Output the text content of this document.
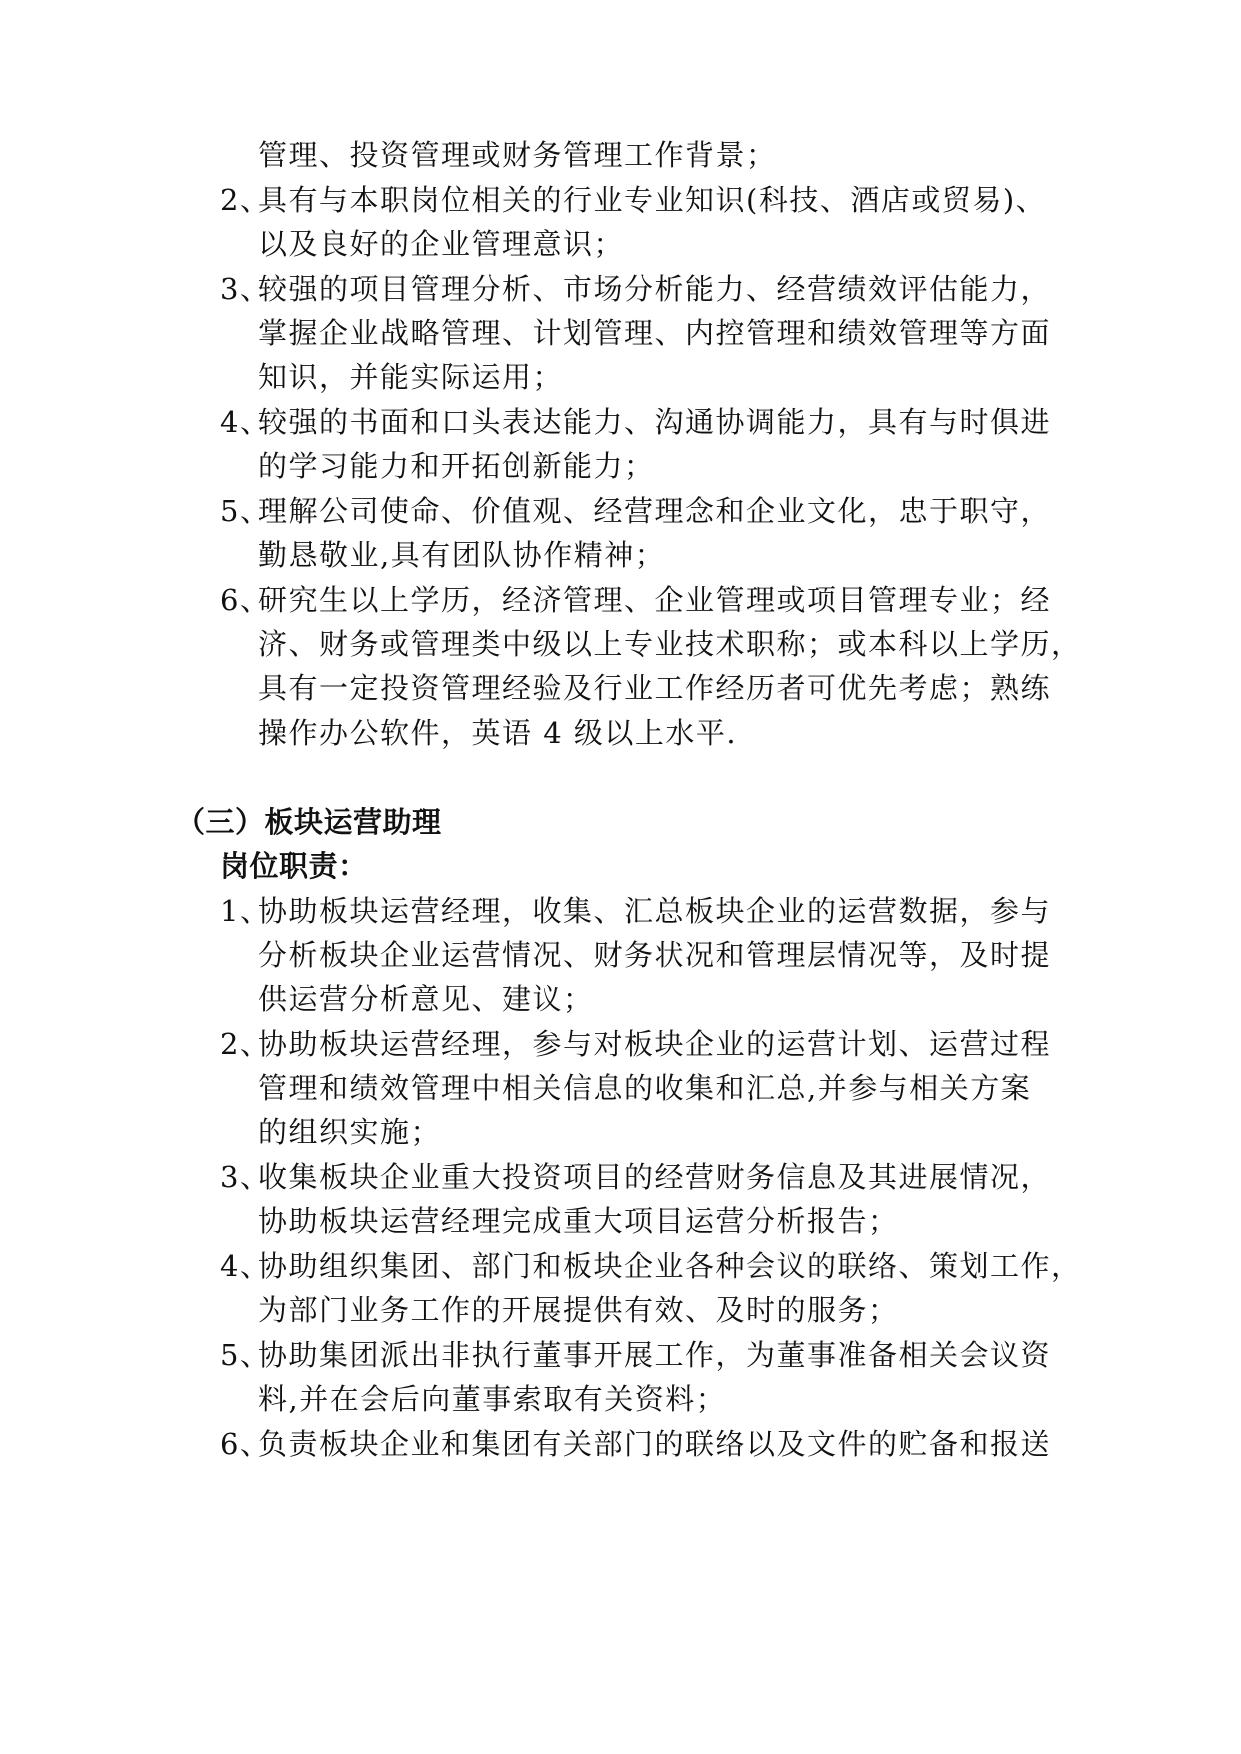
管理、投资管理或财务管理工作背景；
2、具有与本职岗位相关的行业专业知识(科技、酒店或贸易)、
以及良好的企业管理意识；
3、较强的项目管理分析、市场分析能力、经营绩效评估能力，
掌握企业战略管理、计划管理、内控管理和绩效管理等方面
知识，并能实际运用；
4、较强的书面和口头表达能力、沟通协调能力，具有与时俱进
的学习能力和开拓创新能力；
5、理解公司使命、价值观、经营理念和企业文化，忠于职守，
勤恳敬业,具有团队协作精神；
6、研究生以上学历，经济管理、企业管理或项目管理专业；经
济、财务或管理类中级以上专业技术职称；或本科以上学历，
具有一定投资管理经验及行业工作经历者可优先考虑；熟练
操作办公软件，英语 4 级以上水平.
（三）板块运营助理
岗位职责：
1、协助板块运营经理，收集、汇总板块企业的运营数据，参与
分析板块企业运营情况、财务状况和管理层情况等，及时提
供运营分析意见、建议；
2、协助板块运营经理，参与对板块企业的运营计划、运营过程
管理和绩效管理中相关信息的收集和汇总,并参与相关方案
的组织实施；
3、收集板块企业重大投资项目的经营财务信息及其进展情况，
协助板块运营经理完成重大项目运营分析报告；
4、协助组织集团、部门和板块企业各种会议的联络、策划工作，
为部门业务工作的开展提供有效、及时的服务；
5、协助集团派出非执行董事开展工作，为董事准备相关会议资
料,并在会后向董事索取有关资料；
6、负责板块企业和集团有关部门的联络以及文件的贮备和报送
